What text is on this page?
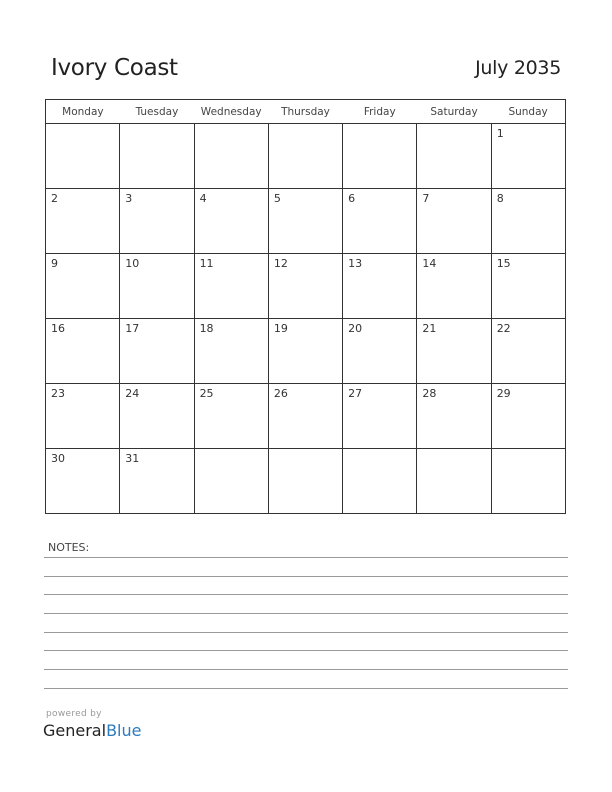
Ivory Coast	July 2035
Monday	Tuesday	Wednesday	Thursday	Friday	Saturday	Sunday

						1

2	3	4	5	6	7	8

9	10	11	12	13	14	15

16	17	18	19	20	21	22

23	24	25	26	27	28	29

30	31					

NOTES:
powered by
GeneralBlue
